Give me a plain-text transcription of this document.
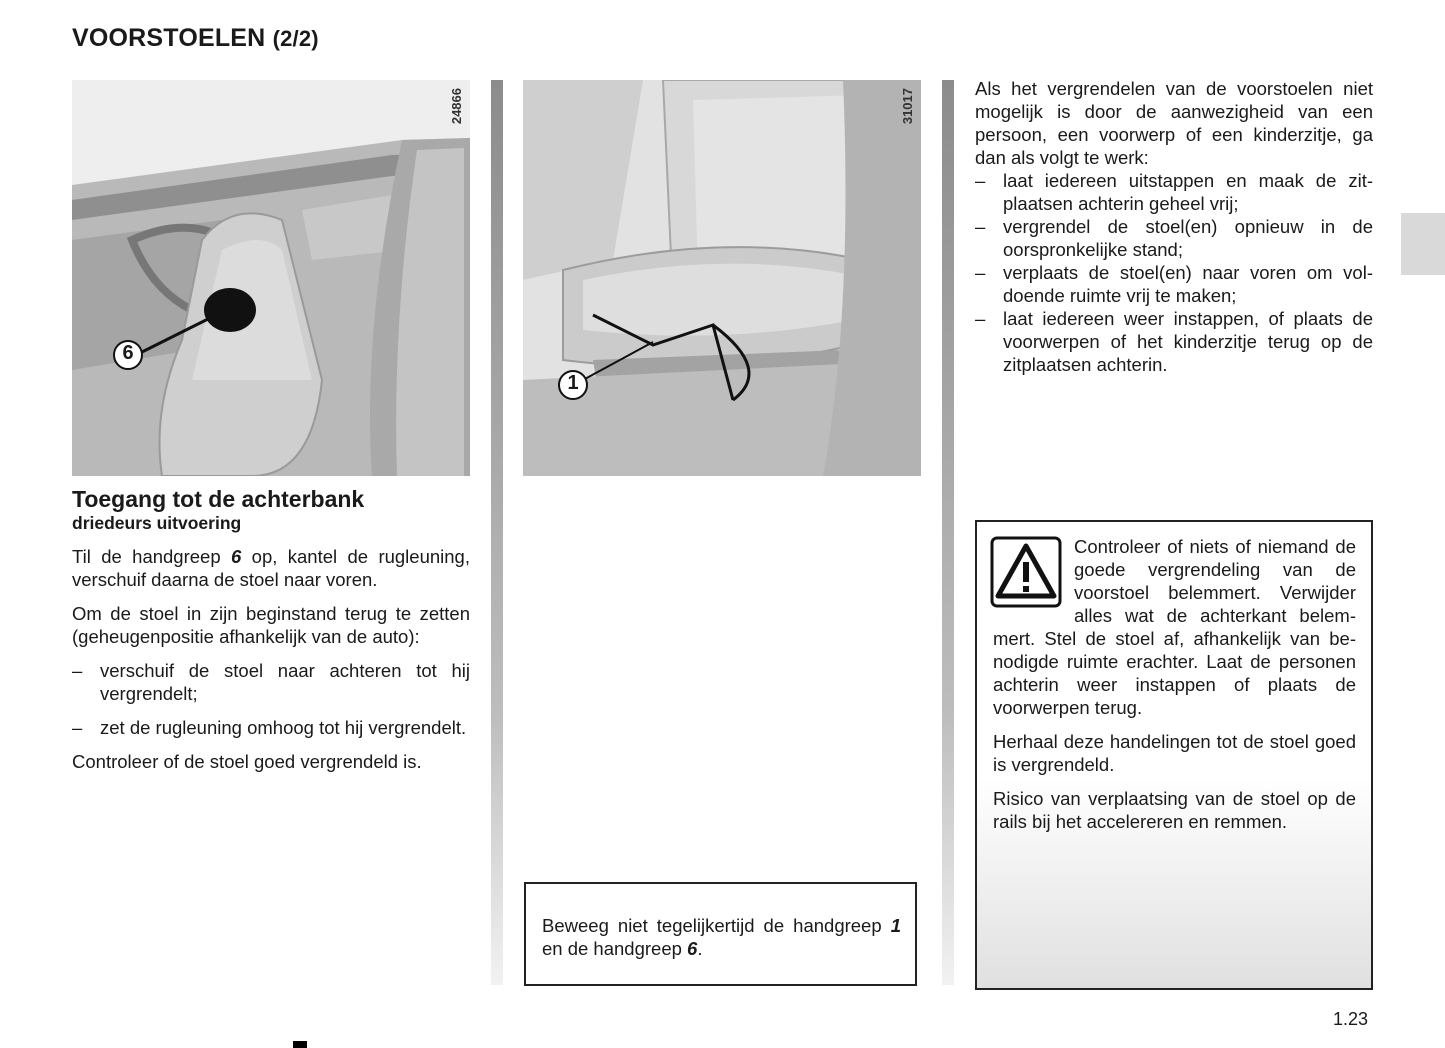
VOORSTOELEN (2/2)
6
24866
1
31017
Toegang tot de achterbank
driedeurs uitvoering

Til de handgreep 6 op, kantel de rugleuning, verschuif daarna de stoel naar voren.

Om de stoel in zijn beginstand terug te zetten (geheugenpositie afhankelijk van de auto):

– verschuif de stoel naar achteren tot hij vergrendelt;
– zet de rugleuning omhoog tot hij vergrendelt.

Controleer of de stoel goed vergrendeld is.

Beweeg niet tegelijkertijd de handgreep 1 en de handgreep 6.

Als het vergrendelen van de voorstoelen niet mogelijk is door de aanwezigheid van een persoon, een voorwerp of een kinderzitje, ga dan als volgt te werk:

– laat iedereen uitstappen en maak de zitplaatsen achterin geheel vrij;
– vergrendel de stoel(en) opnieuw in de oorspronkelijke stand;
– verplaats de stoel(en) naar voren om voldoende ruimte vrij te maken;
– laat iedereen weer instappen, of plaats de voorwerpen of het kinderzitje terug op de zitplaatsen achterin.

Controleer of niets of niemand de goede vergrendeling van de voorstoel belemmert. Verwijder alles wat de achterkant belemmert. Stel de stoel af, afhankelijk van benodigde ruimte erachter. Laat de personen achterin weer instappen of plaats de voorwerpen terug.

Herhaal deze handelingen tot de stoel goed is vergrendeld.

Risico van verplaatsing van de stoel op de rails bij het accelereren en remmen.

1.23
